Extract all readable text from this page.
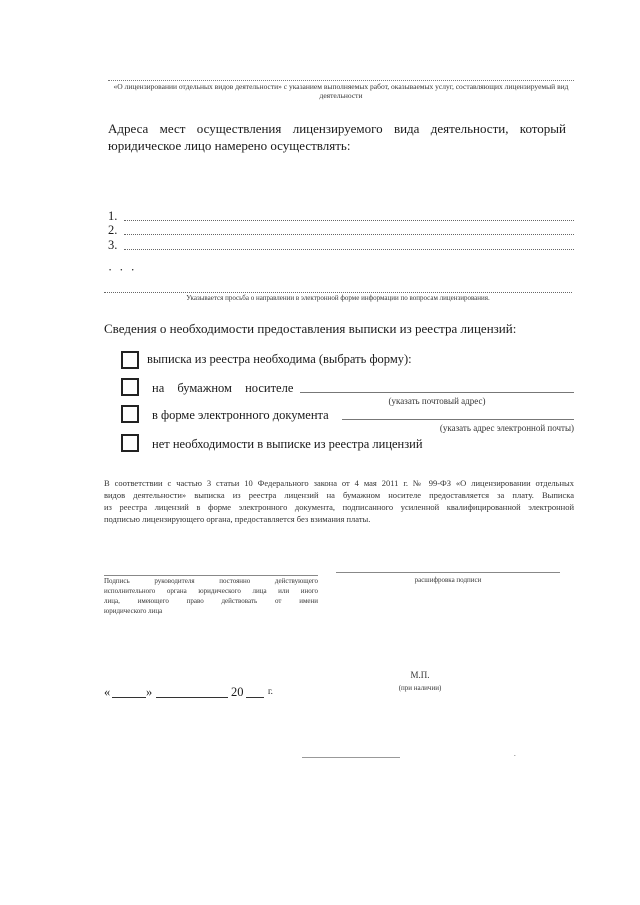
«О лицензировании отдельных видов деятельности» с указанием выполняемых работ, оказываемых услуг, составляющих лицензируемый вид деятельности
Адреса мест осуществления лицензируемого вида деятельности, который
юридическое лицо намерено осуществлять:
1.
2.
3.
· · ·
Указывается просьба о направлении в электронной форме информации по вопросам лицензирования.
Сведения о необходимости предоставления выписки из реестра лицензий:
выписка из реестра необходима (выбрать форму):
на бумажном носителе
(указать почтовый адрес)
в форме электронного документа
(указать адрес электронной почты)
нет необходимости в выписке из реестра лицензий
В соответствии с частью 3 статьи 10 Федерального закона от 4 мая 2011 г. № 99-ФЗ «О лицензировании отдельных
видов деятельности» выписка из реестра лицензий на бумажном носителе предоставляется за плату. Выписка
из реестра лицензий в форме электронного документа, подписанного усиленной квалифицированной электронной
подписью лицензирующего органа, предоставляется без взимания платы.
Подпись руководителя постоянно действующего
исполнительного органа юридического лица или иного
лица, имеющего право действовать от имени
юридического лица
расшифровка подписи
М.П.
(при наличии)
«	»	20	г.
.
